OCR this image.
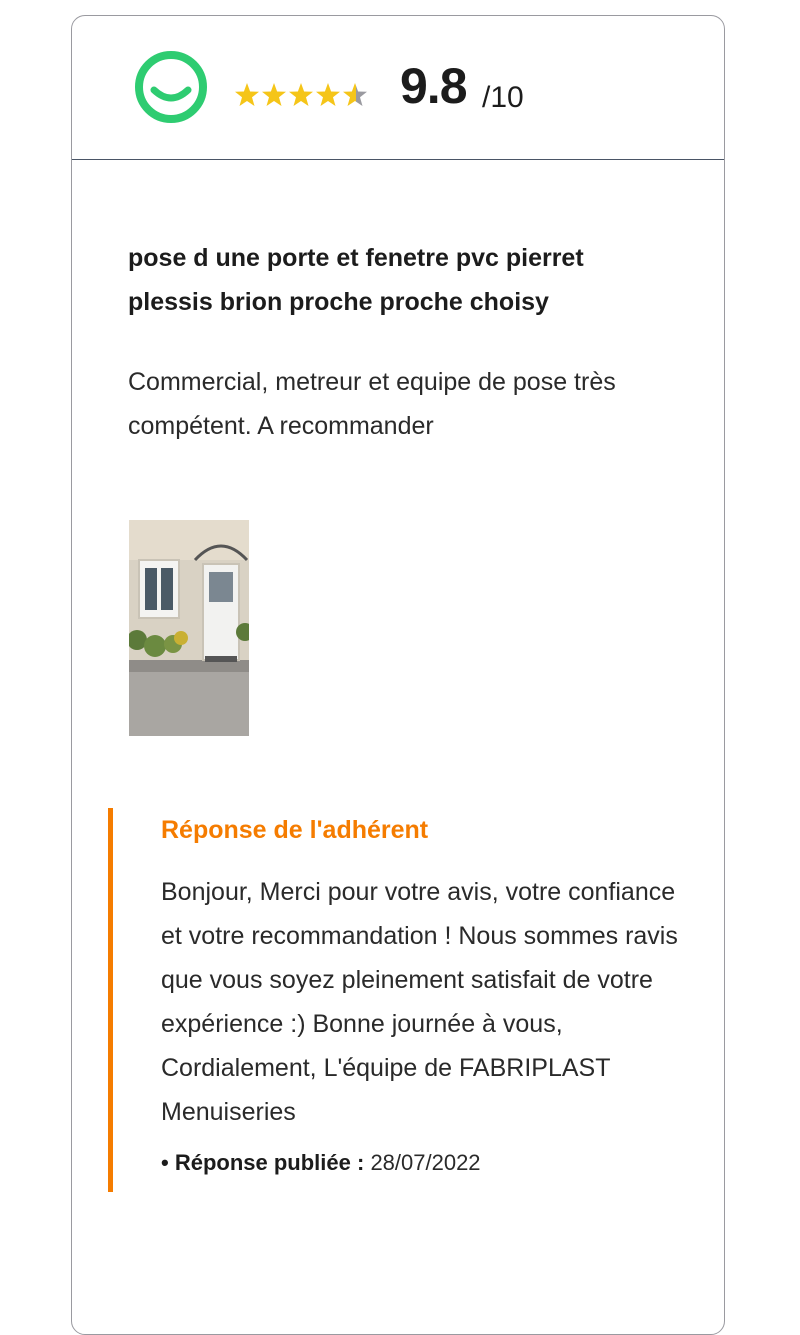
9.8 /10
pose d une porte et fenetre pvc pierret plessis brion proche proche choisy
Commercial, metreur et equipe de pose très compétent. A recommander
Réponse de l'adhérent
Bonjour, Merci pour votre avis, votre confiance et votre recommandation ! Nous sommes ravis que vous soyez pleinement satisfait de votre expérience :) Bonne journée à vous, Cordialement, L'équipe de FABRIPLAST Menuiseries
• Réponse publiée : 28/07/2022
